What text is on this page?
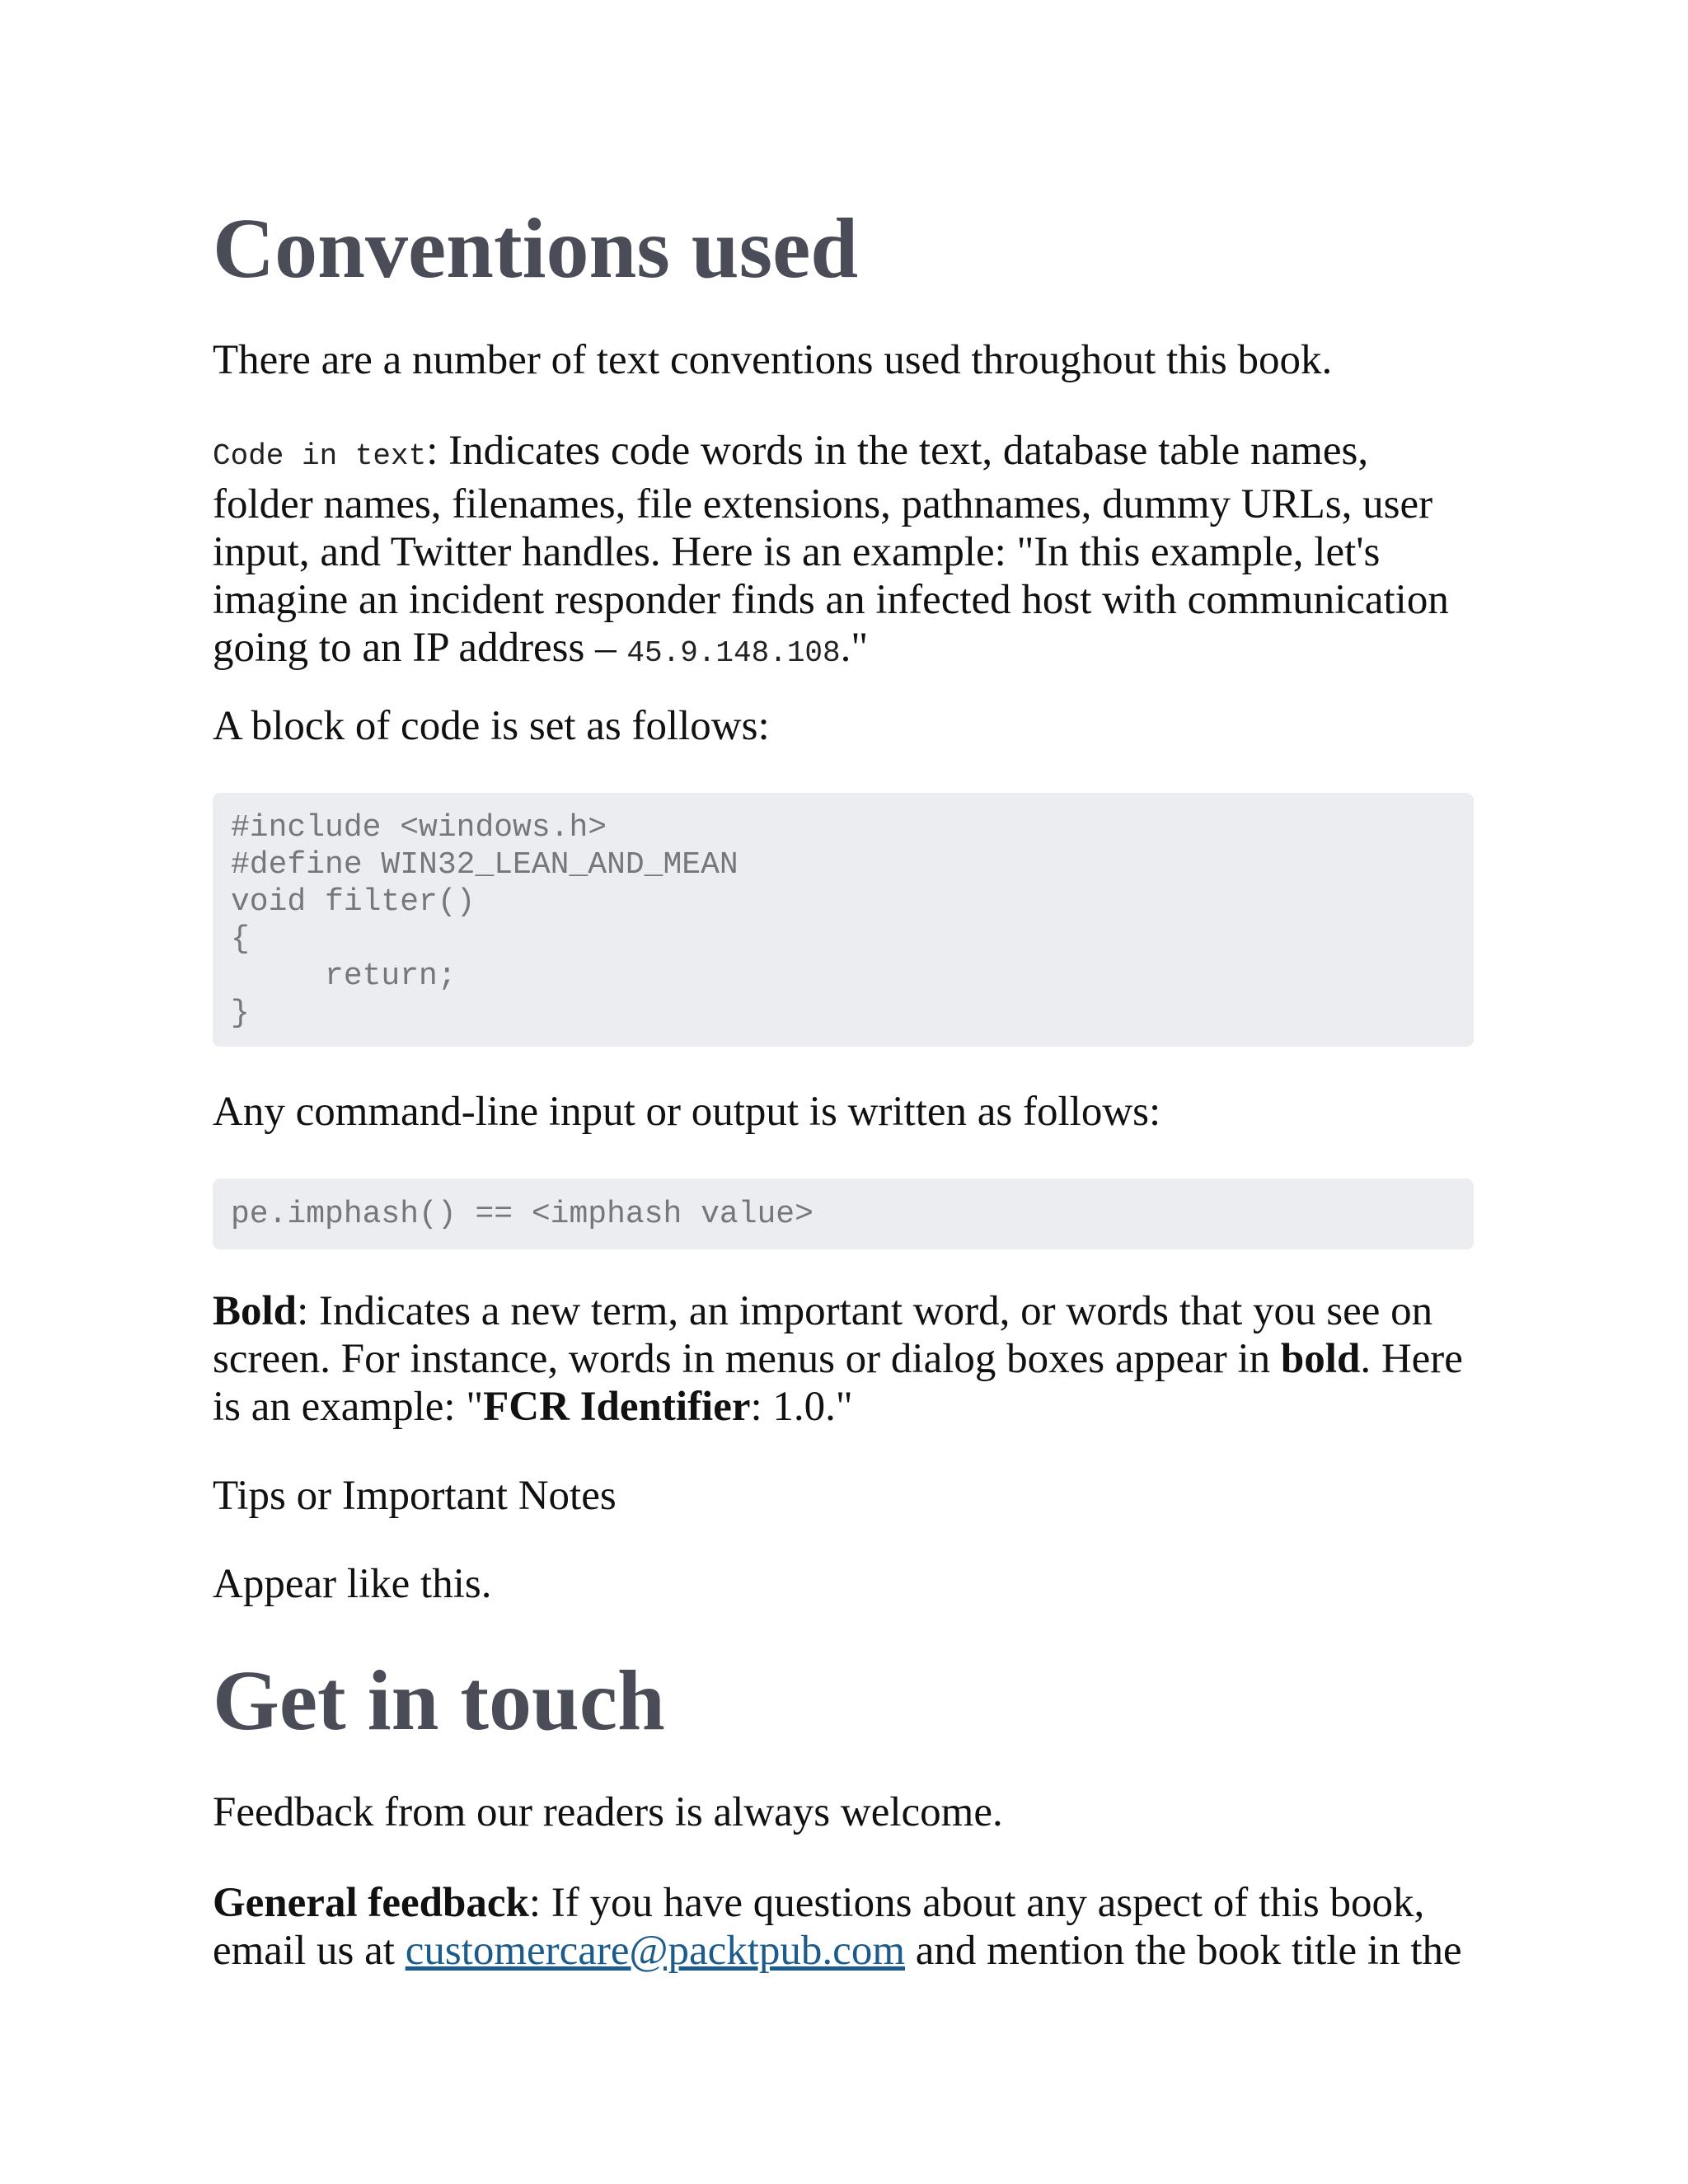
Conventions used

There are a number of text conventions used throughout this book.

Code in text: Indicates code words in the text, database table names, folder names, filenames, file extensions, pathnames, dummy URLs, user input, and Twitter handles. Here is an example: "In this example, let's imagine an incident responder finds an infected host with communication going to an IP address – 45.9.148.108."

A block of code is set as follows:

#include <windows.h>
#define WIN32_LEAN_AND_MEAN
void filter()
{
return;
}

Any command-line input or output is written as follows:

pe.imphash() == <imphash value>

Bold: Indicates a new term, an important word, or words that you see on screen. For instance, words in menus or dialog boxes appear in bold. Here is an example: "FCR Identifier: 1.0."

Tips or Important Notes

Appear like this.

Get in touch

Feedback from our readers is always welcome.

General feedback: If you have questions about any aspect of this book, email us at customercare@packtpub.com and mention the book title in the
